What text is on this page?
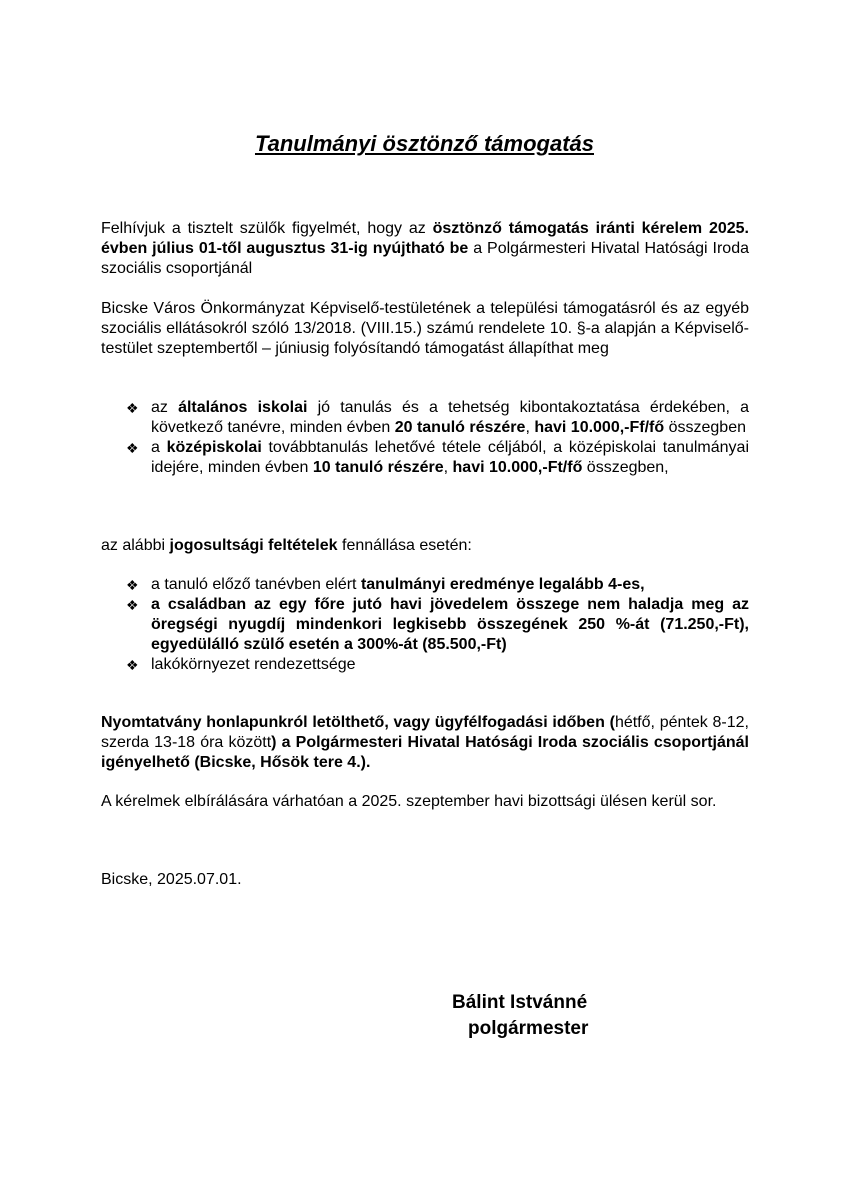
Tanulmányi ösztönző támogatás

Felhívjuk a tisztelt szülők figyelmét, hogy az ösztönző támogatás iránti kérelem 2025. évben július 01-től augusztus 31-ig nyújtható be a Polgármesteri Hivatal Hatósági Iroda szociális csoportjánál

Bicske Város Önkormányzat Képviselő-testületének a települési támogatásról és az egyéb szociális ellátásokról szóló 13/2018. (VIII.15.) számú rendelete 10. §-a alapján a Képviselő-testület szeptembertől – júniusig folyósítandó támogatást állapíthat meg

❖ az általános iskolai jó tanulás és a tehetség kibontakoztatása érdekében, a következő tanévre, minden évben 20 tanuló részére, havi 10.000,-Ff/fő összegben
❖ a középiskolai továbbtanulás lehetővé tétele céljából, a középiskolai tanulmányai idejére, minden évben 10 tanuló részére, havi 10.000,-Ft/fő összegben,

az alábbi jogosultsági feltételek fennállása esetén:

❖ a tanuló előző tanévben elért tanulmányi eredménye legalább 4-es,
❖ a családban az egy főre jutó havi jövedelem összege nem haladja meg az öregségi nyugdíj mindenkori legkisebb összegének 250 %-át (71.250,-Ft), egyedülálló szülő esetén a 300%-át (85.500,-Ft)
❖ lakókörnyezet rendezettsége

Nyomtatvány honlapunkról letölthető, vagy ügyfélfogadási időben (hétfő, péntek 8-12, szerda 13-18 óra között) a Polgármesteri Hivatal Hatósági Iroda szociális csoportjánál igényelhető (Bicske, Hősök tere 4.).

A kérelmek elbírálására várhatóan a 2025. szeptember havi bizottsági ülésen kerül sor.

Bicske, 2025.07.01.
Bálint Istvánné
polgármester
